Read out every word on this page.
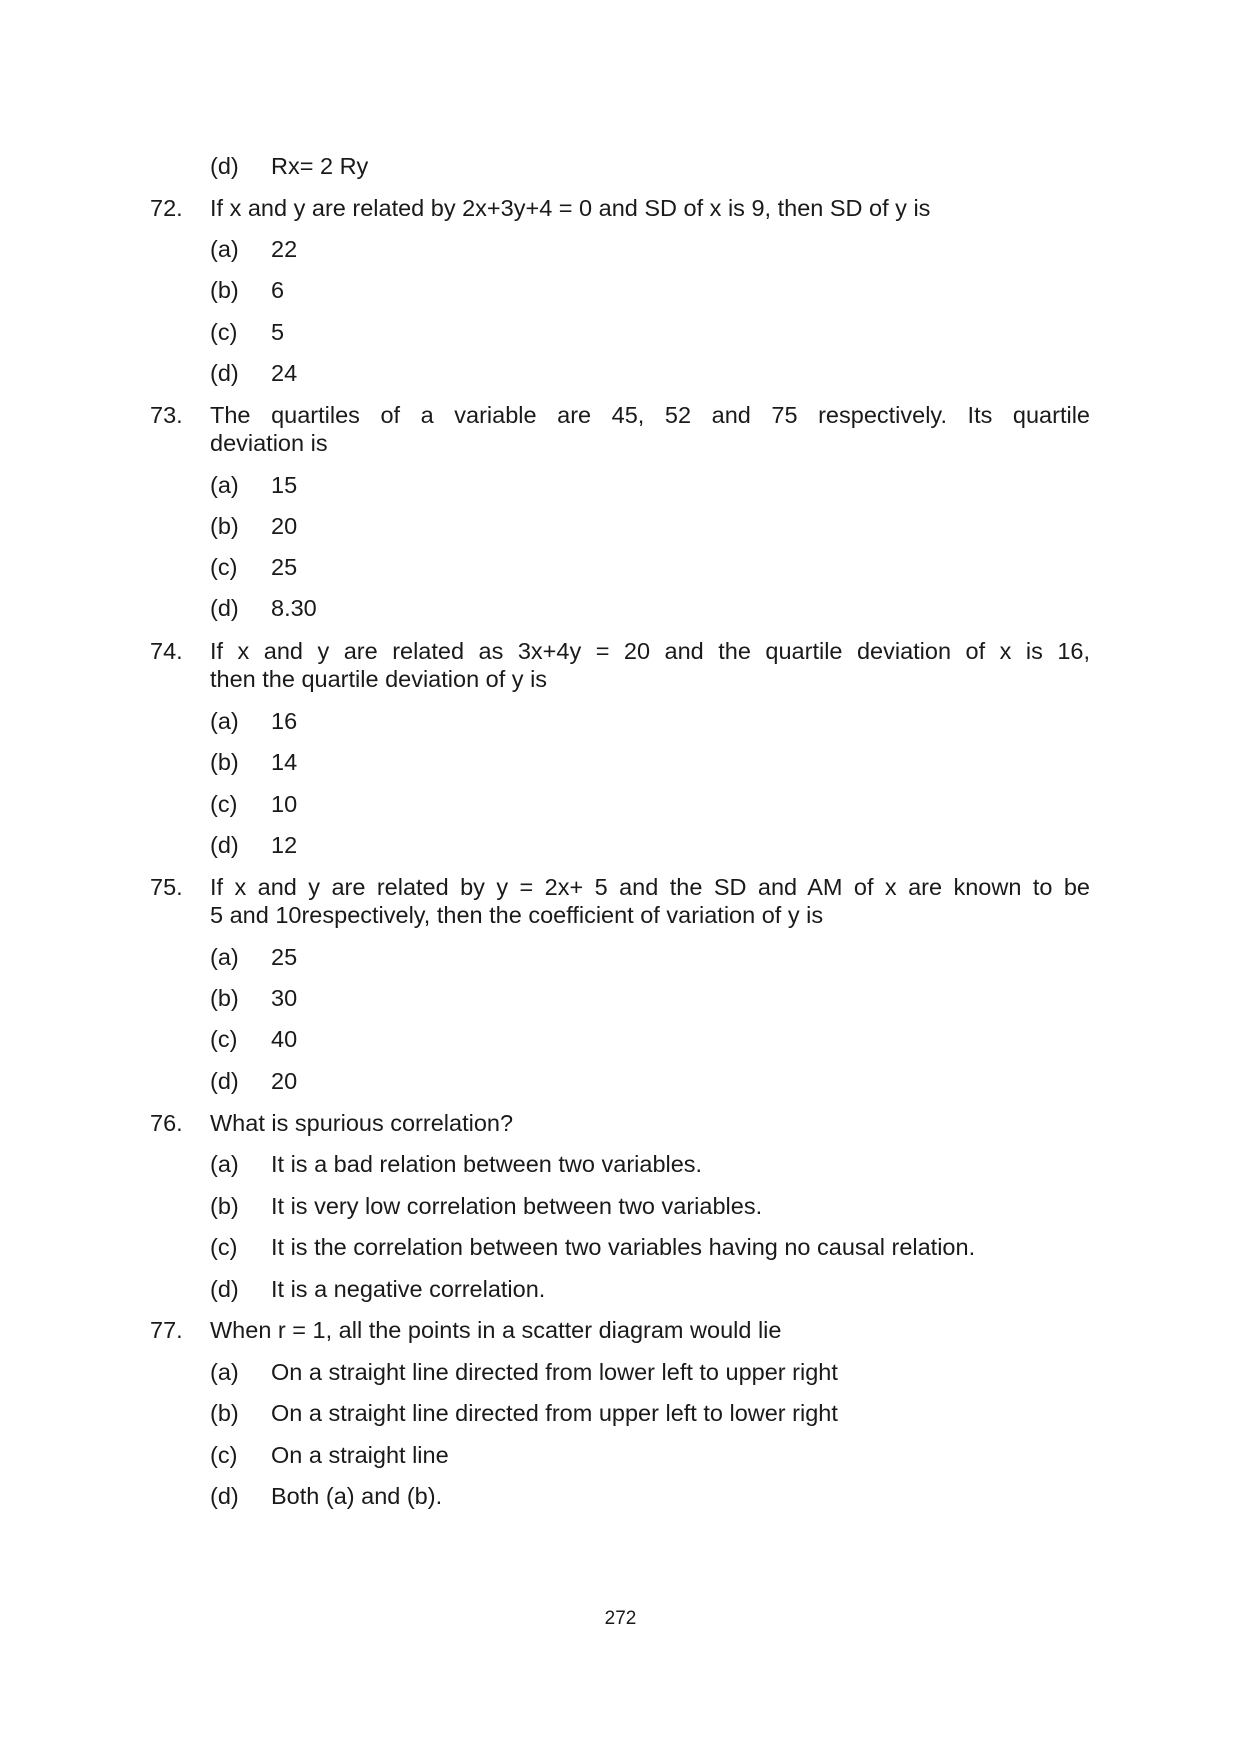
(d) Rx= 2 Ry
72. If x and y are related by 2x+3y+4 = 0 and SD of x is 9, then SD of y is
(a) 22
(b) 6
(c) 5
(d) 24
73. The quartiles of a variable are 45, 52 and 75 respectively. Its quartile
deviation is
(a) 15
(b) 20
(c) 25
(d) 8.30
74. If x and y are related as 3x+4y = 20 and the quartile deviation of x is 16,
then the quartile deviation of y is
(a) 16
(b) 14
(c) 10
(d) 12
75. If x and y are related by y = 2x+ 5 and the SD and AM of x are known to be
5 and 10respectively, then the coefficient of variation of y is
(a) 25
(b) 30
(c) 40
(d) 20
76. What is spurious correlation?
(a) It is a bad relation between two variables.
(b) It is very low correlation between two variables.
(c) It is the correlation between two variables having no causal relation.
(d) It is a negative correlation.
77. When r = 1, all the points in a scatter diagram would lie
(a) On a straight line directed from lower left to upper right
(b) On a straight line directed from upper left to lower right
(c) On a straight line
(d) Both (a) and (b).
272
